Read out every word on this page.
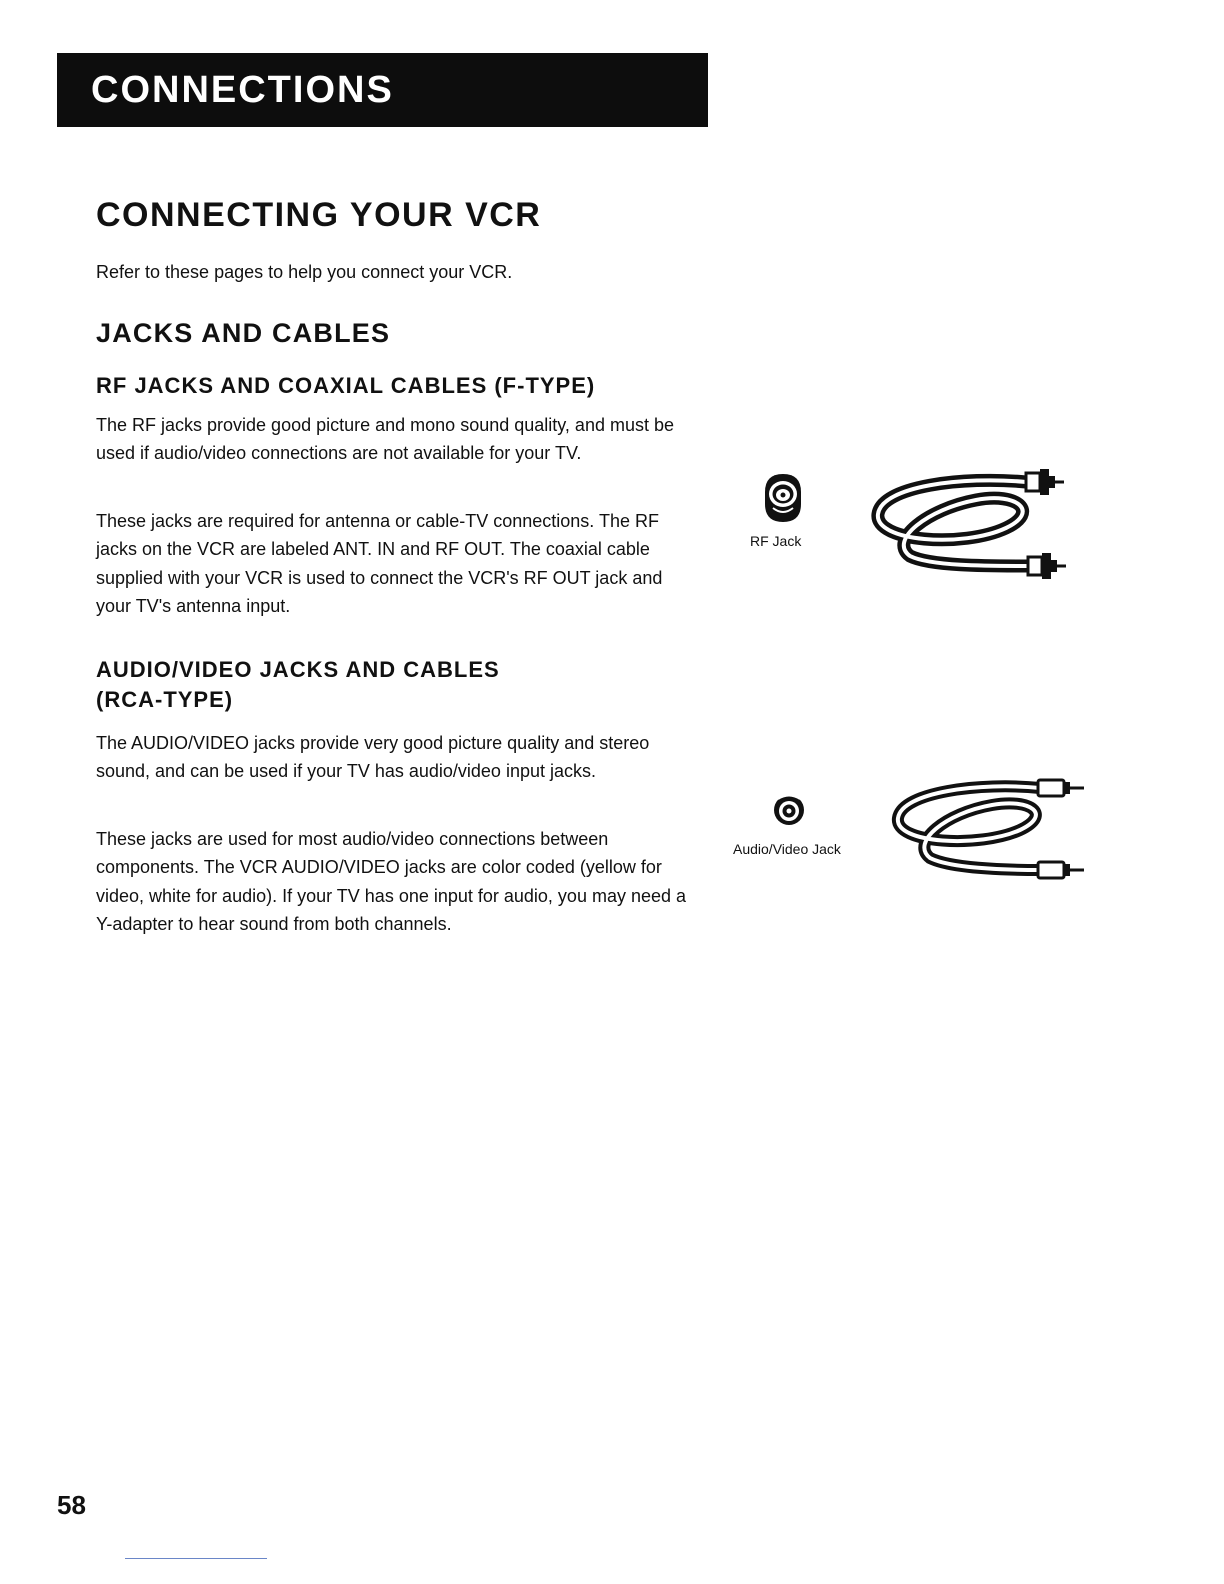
CONNECTIONS
CONNECTING YOUR VCR

Refer to these pages to help you connect your VCR.

JACKS AND CABLES
RF JACKS AND COAXIAL CABLES (F-TYPE)

The RF jacks provide good picture and mono sound quality, and must be used if audio/video connections are not available for your TV.

These jacks are required for antenna or cable-TV connections. The RF jacks on the VCR are labeled ANT. IN and RF OUT. The coaxial cable supplied with your VCR is used to connect the VCR's RF OUT jack and your TV's antenna input.

AUDIO/VIDEO JACKS AND CABLES
(RCA-TYPE)

The AUDIO/VIDEO jacks provide very good picture quality and stereo sound, and can be used if your TV has audio/video input jacks.

These jacks are used for most audio/video connections between components. The VCR AUDIO/VIDEO jacks are color coded (yellow for video, white for audio). If your TV has one input for audio, you may need a Y-adapter to hear sound from both channels.

RF Jack
Audio/Video Jack
58
